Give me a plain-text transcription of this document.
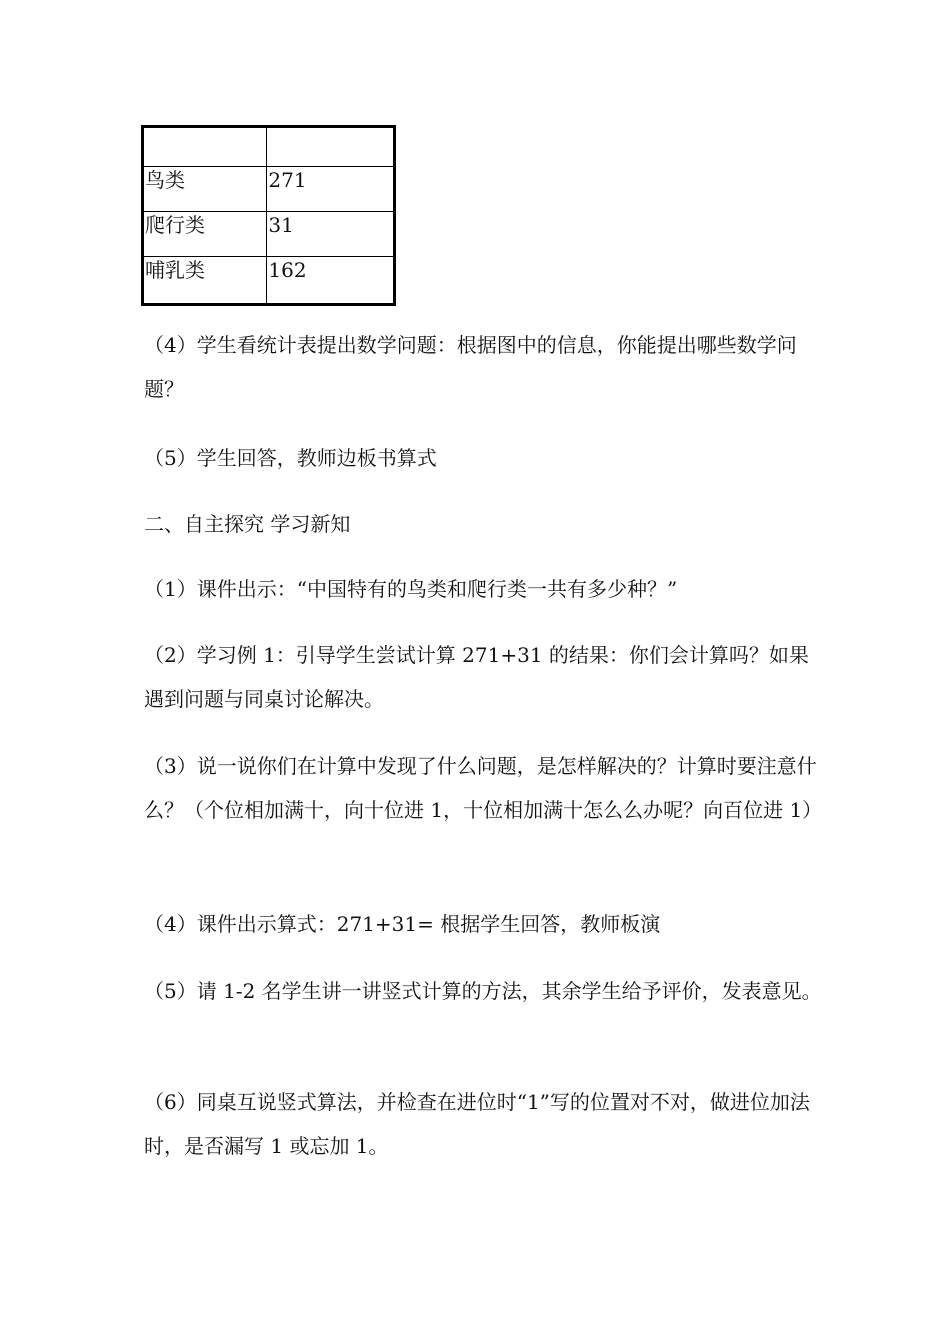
鸟类	271
爬行类	31
哺乳类	162

（4）学生看统计表提出数学问题：根据图中的信息，你能提出哪些数学问题？

（5）学生回答，教师边板书算式

二、自主探究 学习新知

（1）课件出示：“中国特有的鸟类和爬行类一共有多少种？”

（2）学习例 1：引导学生尝试计算 271+31 的结果：你们会计算吗？如果遇到问题与同桌讨论解决。

（3）说一说你们在计算中发现了什么问题，是怎样解决的？计算时要注意什么？（个位相加满十，向十位进 1，十位相加满十怎么么办呢？向百位进 1）

（4）课件出示算式：271+31= 根据学生回答，教师板演

（5）请 1-2 名学生讲一讲竖式计算的方法，其余学生给予评价，发表意见。

（6）同桌互说竖式算法，并检查在进位时“1”写的位置对不对，做进位加法时，是否漏写 1 或忘加 1。
